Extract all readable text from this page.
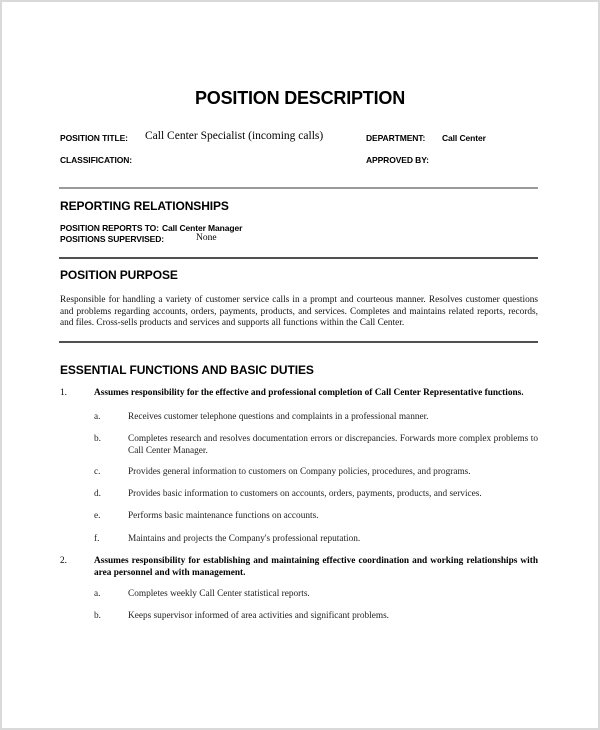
POSITION DESCRIPTION
POSITION TITLE: Call Center Specialist (incoming calls)	DEPARTMENT: Call Center
CLASSIFICATION:	APPROVED BY:
REPORTING RELATIONSHIPS
POSITION REPORTS TO: Call Center Manager
POSITIONS SUPERVISED:	None
POSITION PURPOSE
Responsible for handling a variety of customer service calls in a prompt and courteous manner. Resolves customer questions and problems regarding accounts, orders, payments, products, and services. Completes and maintains related reports, records, and files. Cross-sells products and services and supports all functions within the Call Center.
ESSENTIAL FUNCTIONS AND BASIC DUTIES
1.	Assumes responsibility for the effective and professional completion of Call Center Representative functions.
a.	Receives customer telephone questions and complaints in a professional manner.
b.	Completes research and resolves documentation errors or discrepancies. Forwards more complex problems to Call Center Manager.
c.	Provides general information to customers on Company policies, procedures, and programs.
d.	Provides basic information to customers on accounts, orders, payments, products, and services.
e.	Performs basic maintenance functions on accounts.
f.	Maintains and projects the Company's professional reputation.
2.	Assumes responsibility for establishing and maintaining effective coordination and working relationships with area personnel and with management.
a.	Completes weekly Call Center statistical reports.
b.	Keeps supervisor informed of area activities and significant problems.
